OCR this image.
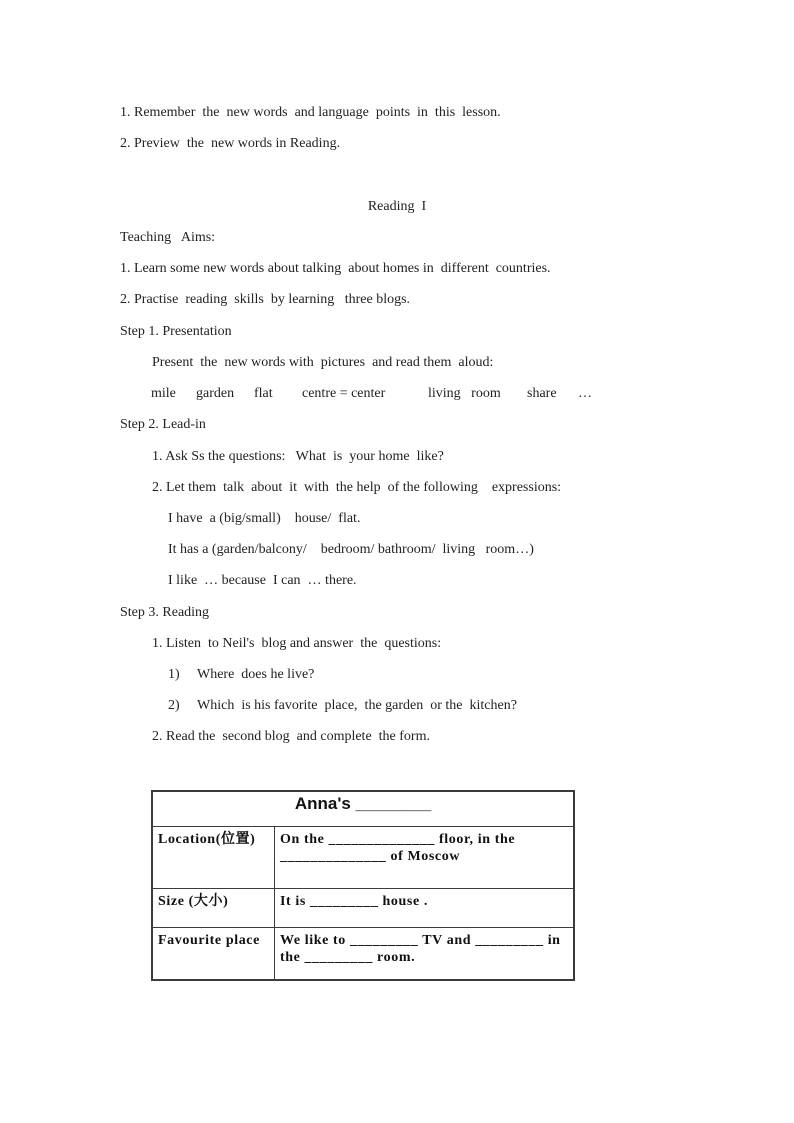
1. Remember  the  new words  and language  points  in  this  lesson.
2. Preview  the  new words in Reading.
Reading  I
Teaching   Aims:
1. Learn some new words about talking  about homes in  different  countries.
2. Practise  reading  skills  by learning   three blogs.
Step 1. Presentation
Present  the  new words with  pictures  and read them  aloud:
mile garden flat centre = center	living   room share …
Step 2. Lead-in
1. Ask Ss the questions:   What  is  your home  like?
2. Let them  talk  about  it  with  the help  of the following    expressions:
I have  a (big/small)    house/  flat.
It has a (garden/balcony/    bedroom/ bathroom/  living   room…)
I like  … because  I can  … there.
Step 3. Reading
1. Listen  to Neil's  blog and answer  the  questions:
1) Where  does he live?
2) Which  is his favorite  place,  the garden  or the  kitchen?
2. Read the  second blog  and complete  the form.
Anna's ________	
Location(位置)	On the ______________ floor, in the ______________ of Moscow
Size (大小)	It is _________ house .
Favourite place	We like to _________ TV and _________ in the _________ room.
